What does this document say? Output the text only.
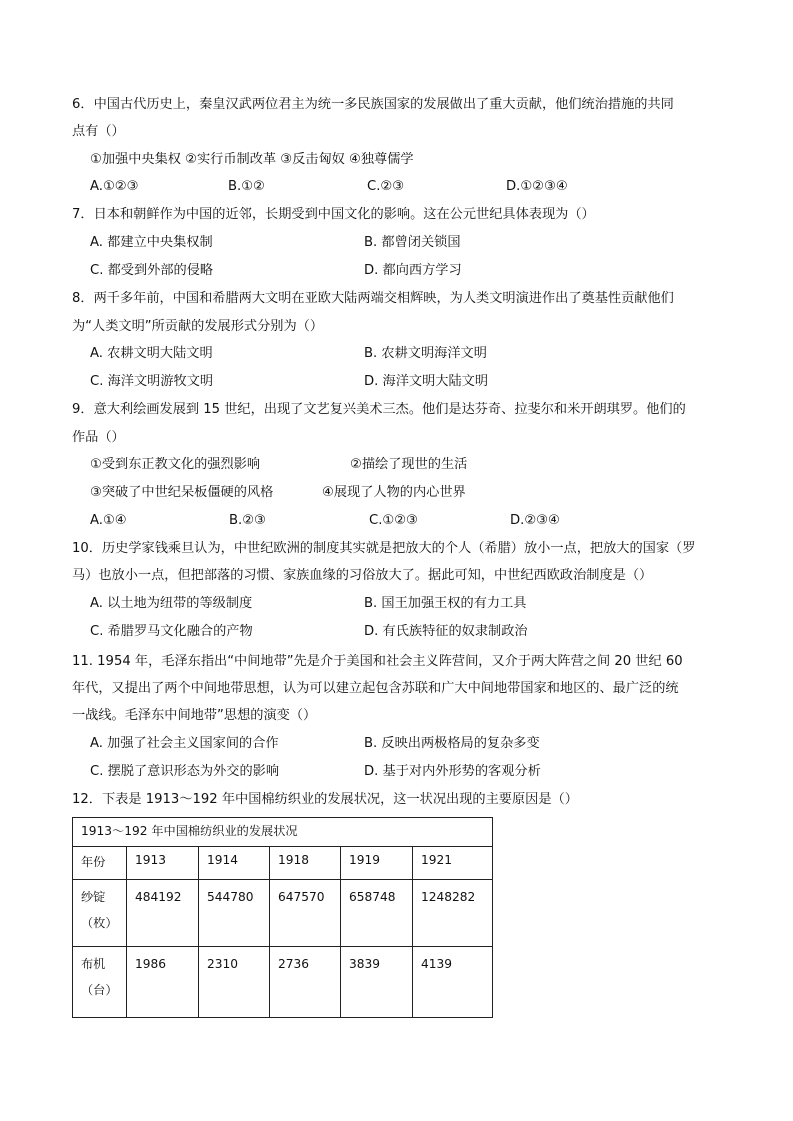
6．中国古代历史上，秦皇汉武两位君主为统一多民族国家的发展做出了重大贡献，他们统治措施的共同
点有（）
①加强中央集权 ②实行币制改革 ③反击匈奴 ④独尊儒学
A.①②③	B.①②	C.②③	D.①②③④
7．日本和朝鲜作为中国的近邻，长期受到中国文化的影响。这在公元世纪具体表现为（）
A. 都建立中央集权制	B. 都曾闭关锁国
C. 都受到外部的侵略	D. 都向西方学习
8．两千多年前，中国和希腊两大文明在亚欧大陆两端交相辉映，为人类文明演进作出了奠基性贡献他们
为“人类文明”所贡献的发展形式分别为（）
A. 农耕文明大陆文明	B. 农耕文明海洋文明
C. 海洋文明游牧文明	D. 海洋文明大陆文明
9．意大利绘画发展到 15 世纪，出现了文艺复兴美术三杰。他们是达芬奇、拉斐尔和米开朗琪罗。他们的
作品（）
①受到东正教文化的强烈影响	②描绘了现世的生活
③突破了中世纪呆板僵硬的风格	④展现了人物的内心世界
A.①④	B.②③	C.①②③	D.②③④
10．历史学家钱乘旦认为，中世纪欧洲的制度其实就是把放大的个人（希腊）放小一点，把放大的国家（罗
马）也放小一点，但把部落的习惯、家族血缘的习俗放大了。据此可知，中世纪西欧政治制度是（）
A. 以土地为纽带的等级制度	B. 国王加强王权的有力工具
C. 希腊罗马文化融合的产物	D. 有氏族特征的奴隶制政治
11. 1954 年，毛泽东指出“中间地带”先是介于美国和社会主义阵营间，又介于两大阵营之间 20 世纪 60
年代，又提出了两个中间地带思想，认为可以建立起包含苏联和广大中间地带国家和地区的、最广泛的统
一战线。毛泽东中间地带”思想的演变（）
A. 加强了社会主义国家间的合作	B. 反映出两极格局的复杂多变
C. 摆脱了意识形态为外交的影响	D. 基于对内外形势的客观分析
12．下表是 1913～192 年中国棉纺织业的发展状况，这一状况出现的主要原因是（）
1913～192 年中国棉纺织业的发展状况					
年份	1913	1914	1918	1919	1921

纱锭
（枚）	484192	544780	647570	658748	1248282

布机
（台）	1986	2310	2736	3839	4139
